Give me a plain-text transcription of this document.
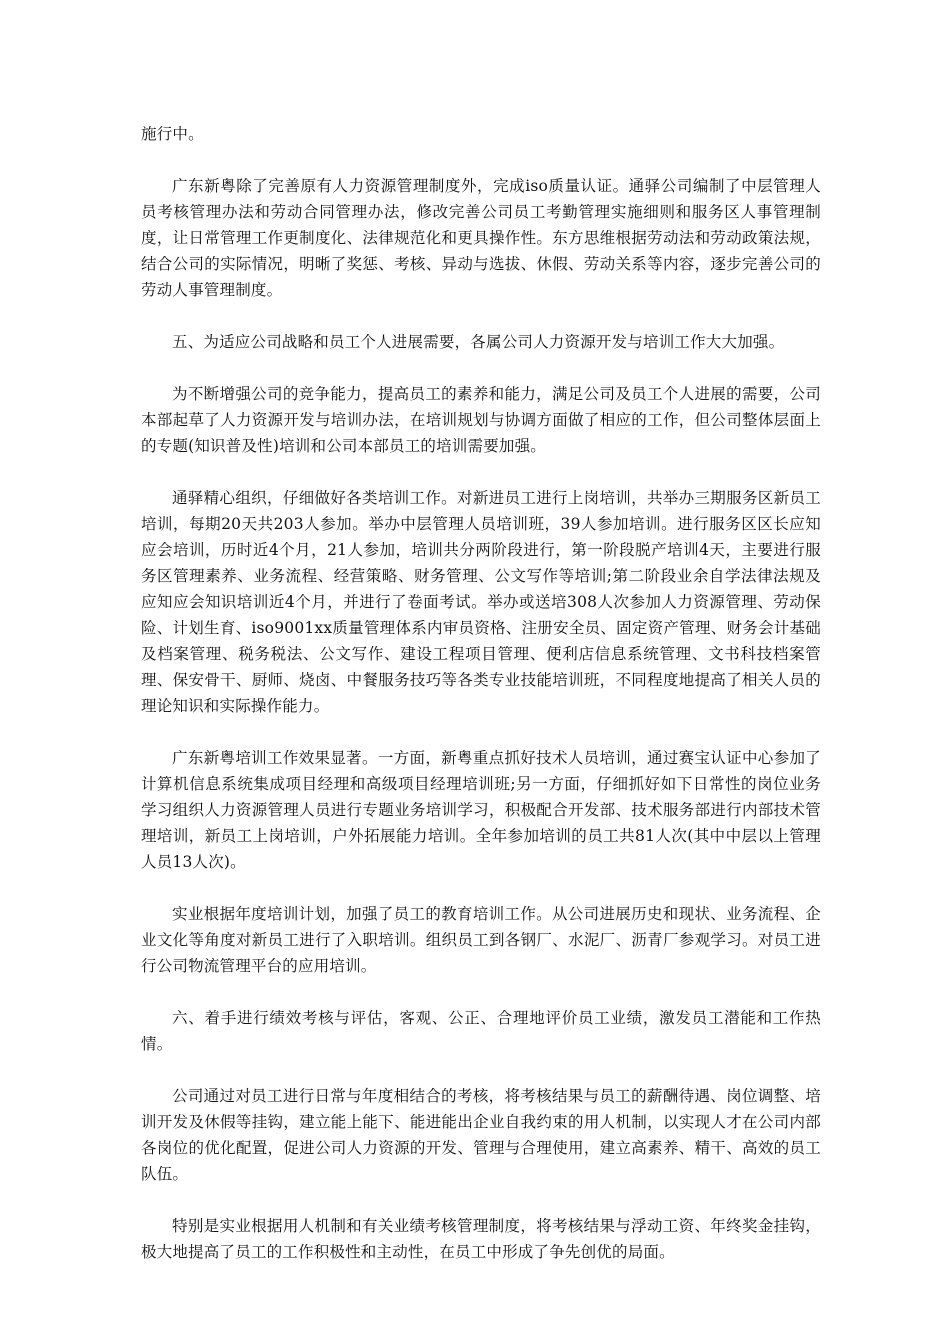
施行中。

广东新粤除了完善原有人力资源管理制度外，完成iso质量认证。通驿公司编制了中层管理人员考核管理办法和劳动合同管理办法，修改完善公司员工考勤管理实施细则和服务区人事管理制度，让日常管理工作更制度化、法律规范化和更具操作性。东方思维根据劳动法和劳动政策法规，结合公司的实际情况，明晰了奖惩、考核、异动与选拔、休假、劳动关系等内容，逐步完善公司的劳动人事管理制度。

五、为适应公司战略和员工个人进展需要，各属公司人力资源开发与培训工作大大加强。

为不断增强公司的竞争能力，提高员工的素养和能力，满足公司及员工个人进展的需要，公司本部起草了人力资源开发与培训办法，在培训规划与协调方面做了相应的工作，但公司整体层面上的专题(知识普及性)培训和公司本部员工的培训需要加强。

通驿精心组织，仔细做好各类培训工作。对新进员工进行上岗培训，共举办三期服务区新员工培训，每期20天共203人参加。举办中层管理人员培训班，39人参加培训。进行服务区区长应知应会培训，历时近4个月，21人参加，培训共分两阶段进行，第一阶段脱产培训4天，主要进行服务区管理素养、业务流程、经营策略、财务管理、公文写作等培训;第二阶段业余自学法律法规及应知应会知识培训近4个月，并进行了卷面考试。举办或送培308人次参加人力资源管理、劳动保险、计划生育、iso9001xx质量管理体系内审员资格、注册安全员、固定资产管理、财务会计基础及档案管理、税务税法、公文写作、建设工程项目管理、便利店信息系统管理、文书科技档案管理、保安骨干、厨师、烧卤、中餐服务技巧等各类专业技能培训班，不同程度地提高了相关人员的理论知识和实际操作能力。

广东新粤培训工作效果显著。一方面，新粤重点抓好技术人员培训，通过赛宝认证中心参加了计算机信息系统集成项目经理和高级项目经理培训班;另一方面，仔细抓好如下日常性的岗位业务学习组织人力资源管理人员进行专题业务培训学习，积极配合开发部、技术服务部进行内部技术管理培训，新员工上岗培训，户外拓展能力培训。全年参加培训的员工共81人次(其中中层以上管理人员13人次)。

实业根据年度培训计划，加强了员工的教育培训工作。从公司进展历史和现状、业务流程、企业文化等角度对新员工进行了入职培训。组织员工到各钢厂、水泥厂、沥青厂参观学习。对员工进行公司物流管理平台的应用培训。

六、着手进行绩效考核与评估，客观、公正、合理地评价员工业绩，激发员工潜能和工作热情。

公司通过对员工进行日常与年度相结合的考核，将考核结果与员工的薪酬待遇、岗位调整、培训开发及休假等挂钩，建立能上能下、能进能出企业自我约束的用人机制，以实现人才在公司内部各岗位的优化配置，促进公司人力资源的开发、管理与合理使用，建立高素养、精干、高效的员工队伍。

特别是实业根据用人机制和有关业绩考核管理制度，将考核结果与浮动工资、年终奖金挂钩，极大地提高了员工的工作积极性和主动性，在员工中形成了争先创优的局面。
